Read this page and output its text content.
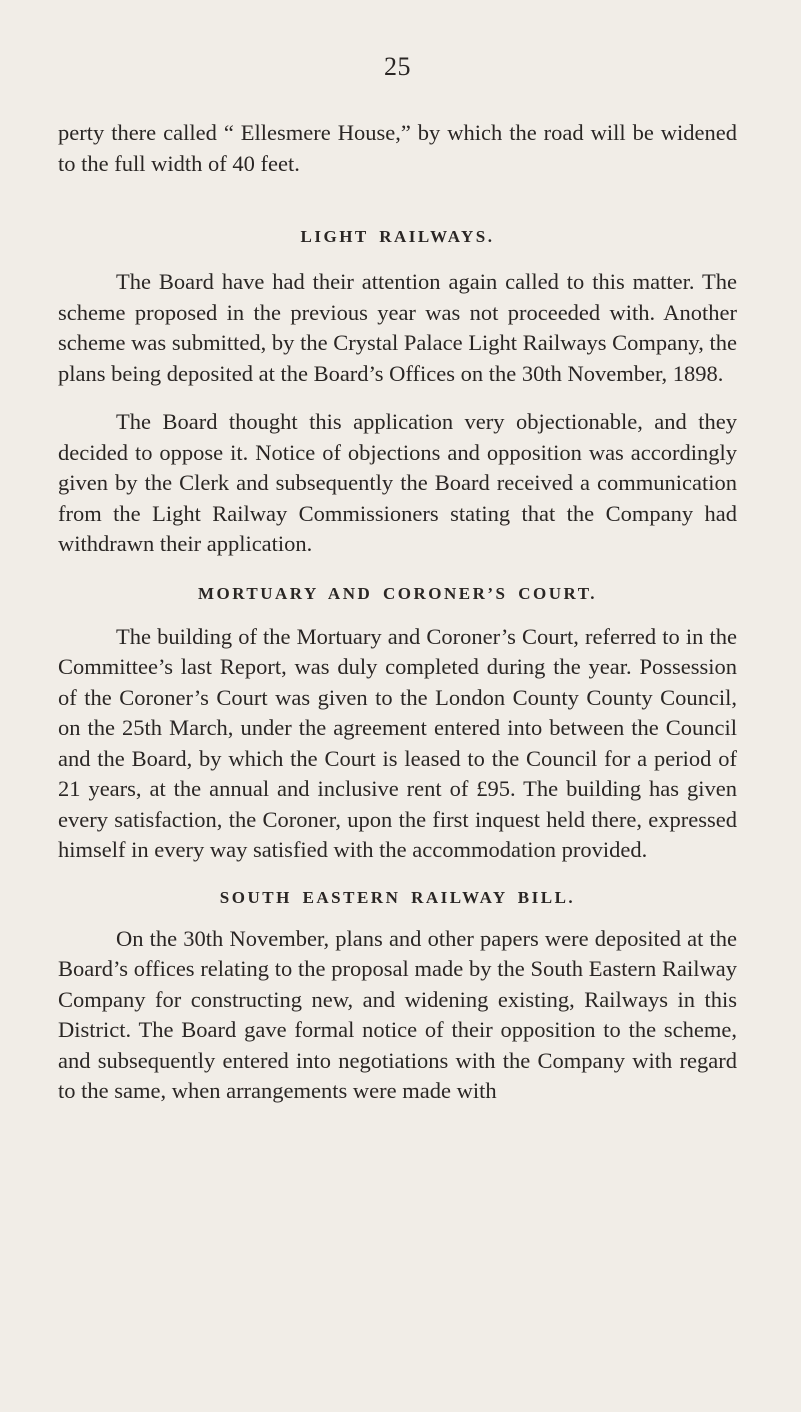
25

perty there called “ Ellesmere House,” by which the road will be widened to the full width of 40 feet.

LIGHT RAILWAYS.

The Board have had their attention again called to this matter. The scheme proposed in the previous year was not proceeded with. Another scheme was submitted, by the Crystal Palace Light Railways Company, the plans being deposited at the Board’s Offices on the 30th November, 1898.

The Board thought this application very objectionable, and they decided to oppose it. Notice of objections and opposition was accordingly given by the Clerk and subsequently the Board received a communication from the Light Railway Commissioners stating that the Company had withdrawn their application.

MORTUARY AND CORONER’S COURT.

The building of the Mortuary and Coroner’s Court, referred to in the Committee’s last Report, was duly completed during the year. Possession of the Coroner’s Court was given to the London County County Council, on the 25th March, under the agreement entered into between the Council and the Board, by which the Court is leased to the Council for a period of 21 years, at the annual and inclusive rent of £95. The building has given every satisfaction, the Coroner, upon the first inquest held there, expressed himself in every way satisfied with the accommodation provided.

SOUTH EASTERN RAILWAY BILL.

On the 30th November, plans and other papers were deposited at the Board’s offices relating to the proposal made by the South Eastern Railway Company for constructing new, and widening existing, Railways in this District. The Board gave formal notice of their opposition to the scheme, and subsequently entered into negotiations with the Company with regard to the same, when arrangements were made with
